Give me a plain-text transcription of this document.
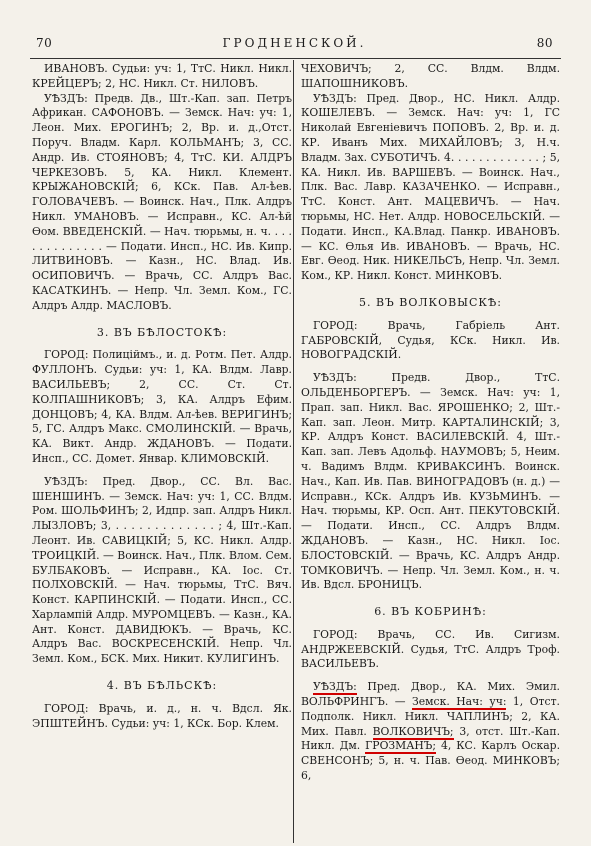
70	ГРОДНЕНСКОЙ.	80

ИВАНОВЪ. Судьи: уч: 1, ТтС. Никл. Никл. КРЕЙЦЕРЪ; 2, НС. Никл. Ст. НИЛОВЪ.

УѢЗДЪ: Предв. Дв., Шт.-Кап. зап. Петръ Африкан. САФОНОВЪ. — Земск. Нач: уч: 1, Леон. Мих. ЕРОГИНЪ; 2, Вр. и. д.,Отст. Поруч. Владм. Карл. КОЛЬМАНЪ; 3, СС. Андр. Ив. СТОЯНОВЪ; 4, ТтС. КИ. АЛДРЪ ЧЕРКЕЗОВЪ. 5, КА. Никл. Клемент. КРЫЖАНОВСКІЙ; 6, КСк. Пав. Ал-ѣев. ГОЛОВАЧЕВЪ. — Воинск. Нач., Плк. Алдръ Никл. УМАНОВЪ. — Исправн., КС. Ал-ѣй Ѳом. ВВЕДЕНСКІЙ. — Нач. тюрьмы, н. ч. . . . . . . . . . . . . . — Подати. Инсп., НС. Ив. Кипр. ЛИТВИНОВЪ. — Казн., НС. Влад. Ив. ОСИПОВИЧЪ. — Врачь, СС. Алдръ Вас. КАСАТКИНЪ. — Непр. Чл. Земл. Ком., ГС. Алдръ Алдр. МАСЛОВЪ.

3. ВЪ БѢЛОСТОКѢ:

ГОРОД: Полиціймъ., и. д. Ротм. Пет. Алдр. ФУЛЛОНЪ. Судьи: уч: 1, КА. Влдм. Лавр. ВАСИЛЬЕВЪ; 2, СС. Ст. Ст. КОЛПАШНИКОВЪ; 3, КА. Алдръ Ефим. ДОНЦОВЪ; 4, КА. Влдм. Ал-ѣев. ВЕРИГИНЪ; 5, ГС. Алдръ Макс. СМОЛИНСКІЙ. — Врачь, КА. Викт. Андр. ЖДАНОВЪ. — Подати. Инсп., СС. Домет. Январ. КЛИМОВСКІЙ.

УѢЗДЪ: Пред. Двор., СС. Вл. Вас. ШЕНШИНЪ. — Земск. Нач: уч: 1, СС. Влдм. Ром. ШОЛЬФИНЪ; 2, Идпр. зап. Алдръ Никл. ЛЫЗЛОВЪ; 3, . . . . . . . . . . . . . ; 4, Шт.-Кап. Леонт. Ив. САВИЦКІЙ; 5, КС. Никл. Алдр. ТРОИЦКІЙ. — Воинск. Нач., Плк. Влом. Сем. БУЛБАКОВЪ. — Исправн., КА. Іос. Ст. ПОЛХОВСКІЙ. — Нач. тюрьмы, ТтС. Вяч. Конст. КАРПИНСКІЙ. — Подати. Инсп., СС. Харлампій Алдр. МУРОМЦЕВЪ. — Казн., КА. Ант. Конст. ДАВИДЮКЪ. — Врачь, КС. Алдръ Вас. ВОСКРЕСЕНСКІЙ. Непр. Чл. Земл. Ком., БСК. Мих. Никит. КУЛИГИНЪ.

4. ВЪ БѢЛЬСКѢ:

ГОРОД: Врачь, и. д., н. ч. Вдсл. Як. ЭПШТЕЙНЪ. Судьи: уч: 1, КСк. Бор. Клем.

ЧЕХОВИЧЪ; 2, СС. Влдм. Влдм. ШАПОШНИКОВЪ.

УѢЗДЪ: Пред. Двор., НС. Никл. Алдр. КОШЕЛЕВЪ. — Земск. Нач: уч: 1, ГС Николай Евгеніевичъ ПОПОВЪ. 2, Вр. и. д. КР. Иванъ Мих. МИХАЙЛОВЪ; 3, Н.ч. Владм. Зах. СУБОТИЧЪ. 4. . . . . . . . . . . . . ; 5, КА. Никл. Ив. ВАРШЕВЪ. — Воинск. Нач., Плк. Вас. Лавр. КАЗАЧЕНКО. — Исправн., ТтС. Конст. Ант. МАЦЕВИЧЪ. — Нач. тюрьмы, НС. Нет. Алдр. НОВОСЕЛЬСКІЙ. — Подати. Инсп., КА.Влад. Панкр. ИВАНОВЪ. — КС. Ѳлья Ив. ИВАНОВЪ. — Врачь, НС. Евг. Ѳеод. Ник. НИКЕЛЬСЪ, Непр. Чл. Земл. Ком., КР. Никл. Конст. МИНКОВЪ.

5. ВЪ ВОЛКОВЫСКѢ:

ГОРОД: Врачь, Габріель Ант. ГАБРОВСКІЙ, Судья, КСк. Никл. Ив. НОВОГРАДСКІЙ.

УѢЗДЪ: Предв. Двор., ТтС. ОЛЬДЕНБОРГЕРЪ. — Земск. Нач: уч: 1, Прап. зап. Никл. Вас. ЯРОШЕНКО; 2, Шт.-Кап. зап. Леон. Митр. КАРТАЛИНСКІЙ; 3, КР. Алдръ Конст. ВАСИЛЕВСКІЙ. 4, Шт.-Кап. зап. Левъ Адольф. НАУМОВЪ; 5, Неим. ч. Вадимъ Влдм. КРИВАКСИНЪ. Воинск. Нач., Кап. Ив. Пав. ВИНОГРАДОВЪ (н. д.) — Исправн., КСк. Алдръ Ив. КУЗЬМИНЪ. — Нач. тюрьмы, КР. Осп. Ант. ПЕКУТОВСКІЙ. — Подати. Инсп., СС. Алдръ Влдм. ЖДАНОВЪ. — Казн., НС. Никл. Іос. БЛОСТОВСКІЙ. — Врачь, КС. Алдръ Андр. ТОМКОВИЧЪ. — Непр. Чл. Земл. Ком., н. ч. Ив. Вдсл. БРОНИЦЪ.

6. ВЪ КОБРИНѢ:

ГОРОД: Врачь, СС. Ив. Сигизм. АНДРЖЕЕВСКІЙ. Судья, ТтС. Алдръ Троф. ВАСИЛЬЕВЪ.

УѢЗДЪ: Пред. Двор., КА. Мих. Эмил. ВОЛЬФРИНГЪ. — Земск. Нач: уч: 1, Отст. Подполк. Никл. Никл. ЧАПЛИНЪ; 2, КА. Мих. Павл. ВОЛКОВИЧЪ; 3, отст. Шт.-Кап. Никл. Дм. ГРОЗМАНЪ; 4, КС. Карлъ Оскар. СВЕНСОНЪ; 5, н. ч. Пав. Ѳеод. МИНКОВЪ; 6,
